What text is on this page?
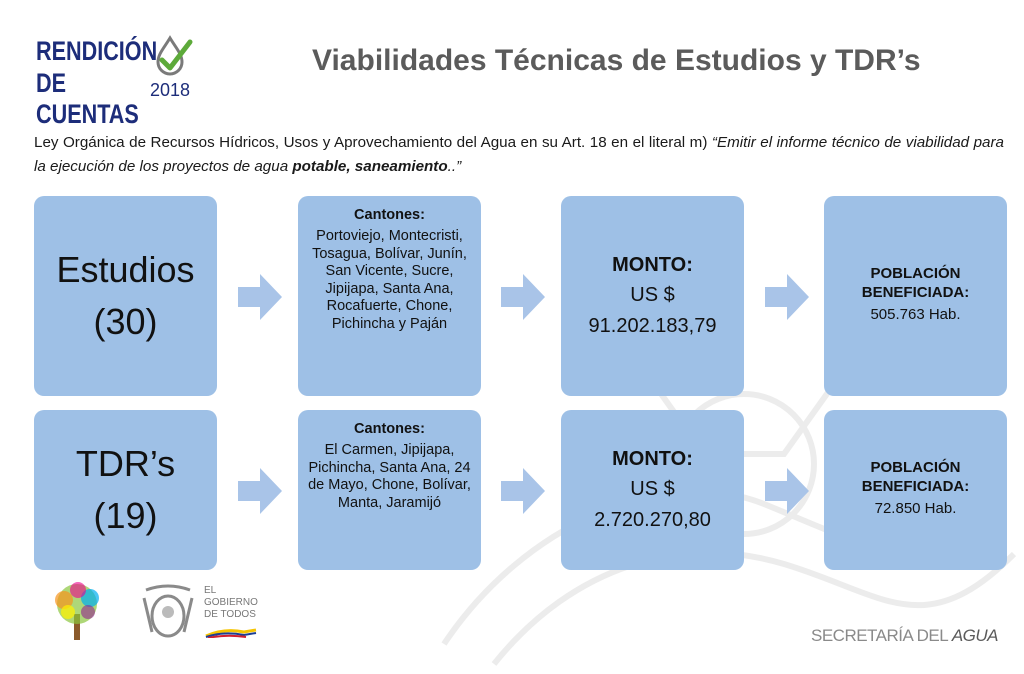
RENDICIÓN
DE CUENTAS
2018
Viabilidades Técnicas de Estudios y TDR’s
Ley Orgánica de Recursos Hídricos, Usos y Aprovechamiento del Agua en su Art. 18 en el literal m) “Emitir el informe técnico de viabilidad para la ejecución de los proyectos de agua potable, saneamiento..”
Estudios
(30)
Cantones:
Portoviejo, Montecristi, Tosagua, Bolívar, Junín, San Vicente, Sucre, Jipijapa, Santa Ana, Rocafuerte, Chone, Pichincha y Paján
MONTO:
US $
91.202.183,79
POBLACIÓN BENEFICIADA:
505.763 Hab.
TDR’s
(19)
Cantones:
El Carmen, Jipijapa, Pichincha, Santa Ana, 24 de Mayo, Chone, Bolívar, Manta, Jaramijó
MONTO:
US $
2.720.270,80
POBLACIÓN BENEFICIADA:
72.850 Hab.
EL
GOBIERNO
DE TODOS
SECRETARÍA DEL AGUA
